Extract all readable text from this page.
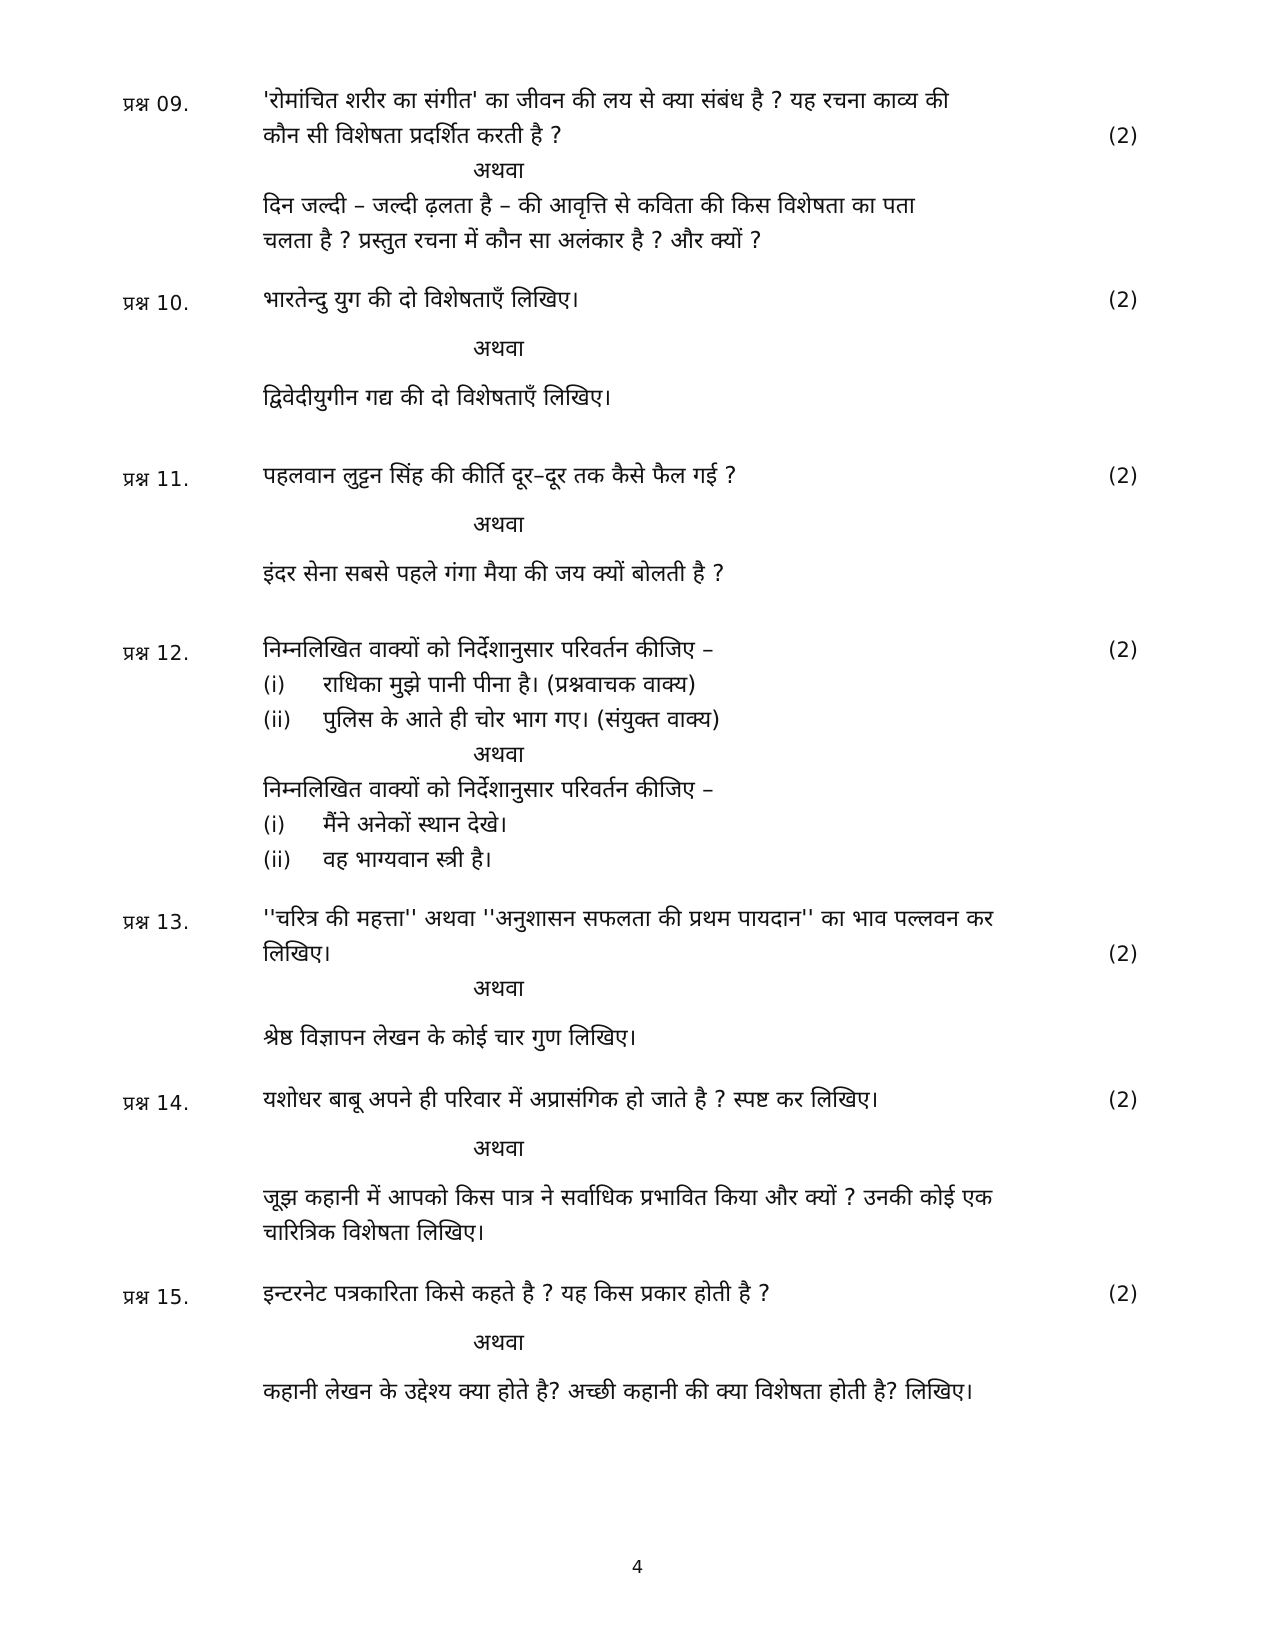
प्रश्न 09.	'रोमांचित शरीर का संगीत' का जीवन की लय से क्या संबंध है ? यह रचना काव्य की
कौन सी विशेषता प्रदर्शित करती है ?	(2)
अथवा
दिन जल्दी – जल्दी ढ़लता है – की आवृत्ति से कविता की किस विशेषता का पता
चलता है ? प्रस्तुत रचना में कौन सा अलंकार है ? और क्यों ?
प्रश्न 10.	भारतेन्दु युग की दो विशेषताएँ लिखिए।	(2)
अथवा
द्विवेदीयुगीन गद्य की दो विशेषताएँ लिखिए।
प्रश्न 11.	पहलवान लुट्टन सिंह की कीर्ति दूर–दूर तक कैसे फैल गई ?	(2)
अथवा
इंदर सेना सबसे पहले गंगा मैया की जय क्यों बोलती है ?
प्रश्न 12.	निम्नलिखित वाक्यों को निर्देशानुसार परिवर्तन कीजिए –	(2)
(i) राधिका मुझे पानी पीना है। (प्रश्नवाचक वाक्य)
(ii) पुलिस के आते ही चोर भाग गए। (संयुक्त वाक्य)
अथवा
निम्नलिखित वाक्यों को निर्देशानुसार परिवर्तन कीजिए –
(i) मैंने अनेकों स्थान देखे।
(ii) वह भाग्यवान स्त्री है।
प्रश्न 13.	''चरित्र की महत्ता'' अथवा ''अनुशासन सफलता की प्रथम पायदान'' का भाव पल्लवन कर
लिखिए।	(2)
अथवा
श्रेष्ठ विज्ञापन लेखन के कोई चार गुण लिखिए।
प्रश्न 14.	यशोधर बाबू अपने ही परिवार में अप्रासंगिक हो जाते है ? स्पष्ट कर लिखिए।	(2)
अथवा
जूझ कहानी में आपको किस पात्र ने सर्वाधिक प्रभावित किया और क्यों ? उनकी कोई एक
चारित्रिक विशेषता लिखिए।
प्रश्न 15.	इन्टरनेट पत्रकारिता किसे कहते है ? यह किस प्रकार होती है ?	(2)
अथवा
कहानी लेखन के उद्देश्य क्या होते है? अच्छी कहानी की क्या विशेषता होती है? लिखिए।
4
